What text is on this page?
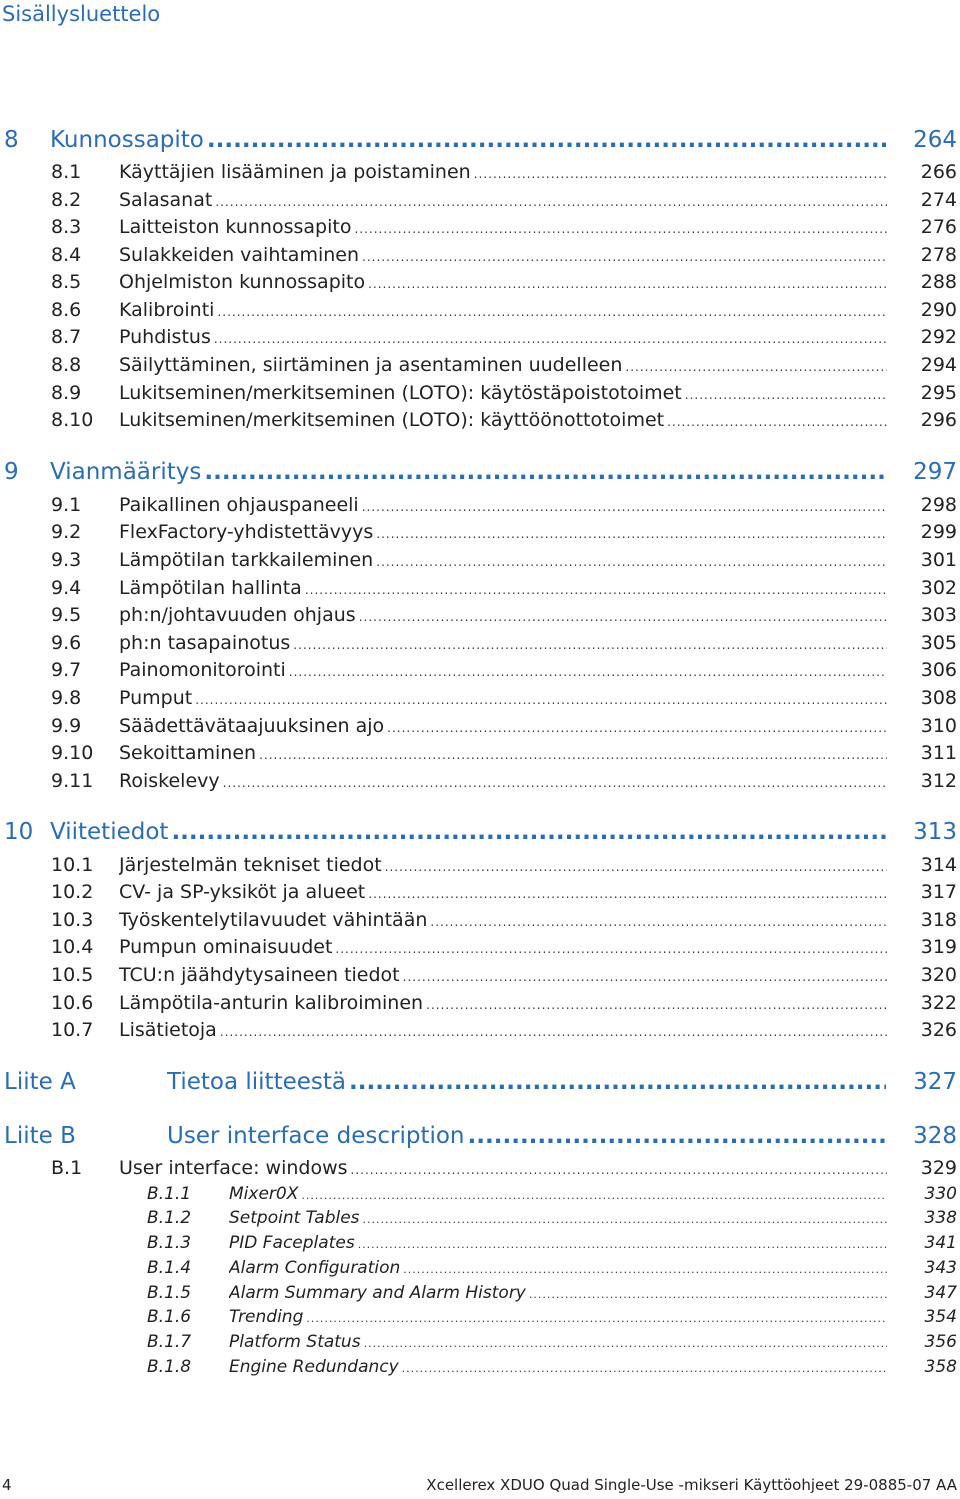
Sisällysluettelo
8 Kunnossapito .....	264
8.1 Käyttäjien lisääminen ja poistaminen .....	266
8.2 Salasanat .....	274
8.3 Laitteiston kunnossapito .....	276
8.4 Sulakkeiden vaihtaminen .....	278
8.5 Ohjelmiston kunnossapito .....	288
8.6 Kalibrointi .....	290
8.7 Puhdistus .....	292
8.8 Säilyttäminen, siirtäminen ja asentaminen uudelleen .....	294
8.9 Lukitseminen/merkitseminen (LOTO): käytöstäpoistotoimet .....	295
8.10 Lukitseminen/merkitseminen (LOTO): käyttöönottotoimet .....	296
9 Vianmääritys .....	297
9.1 Paikallinen ohjauspaneeli .....	298
9.2 FlexFactory-yhdistettävyys .....	299
9.3 Lämpötilan tarkkaileminen .....	301
9.4 Lämpötilan hallinta .....	302
9.5 ph:n/johtavuuden ohjaus .....	303
9.6 ph:n tasapainotus .....	305
9.7 Painomonitorointi .....	306
9.8 Pumput .....	308
9.9 Säädettävätaajuuksinen ajo .....	310
9.10 Sekoittaminen .....	311
9.11 Roiskelevy .....	312
10 Viitetiedot .....	313
10.1 Järjestelmän tekniset tiedot .....	314
10.2 CV- ja SP-yksiköt ja alueet .....	317
10.3 Työskentelytilavuudet vähintään .....	318
10.4 Pumpun ominaisuudet .....	319
10.5 TCU:n jäähdytysaineen tiedot .....	320
10.6 Lämpötila-anturin kalibroiminen .....	322
10.7 Lisätietoja .....	326
Liite A	Tietoa liitteestä .....	327
Liite B	User interface description .....	328
B.1 User interface: windows .....	329
B.1.1 Mixer0X .....	330
B.1.2 Setpoint Tables .....	338
B.1.3 PID Faceplates .....	341
B.1.4 Alarm Configuration .....	343
B.1.5 Alarm Summary and Alarm History .....	347
B.1.6 Trending .....	354
B.1.7 Platform Status .....	356
B.1.8 Engine Redundancy .....	358
4	Xcellerex XDUO Quad Single-Use -mikseri Käyttöohjeet 29-0885-07 AA
